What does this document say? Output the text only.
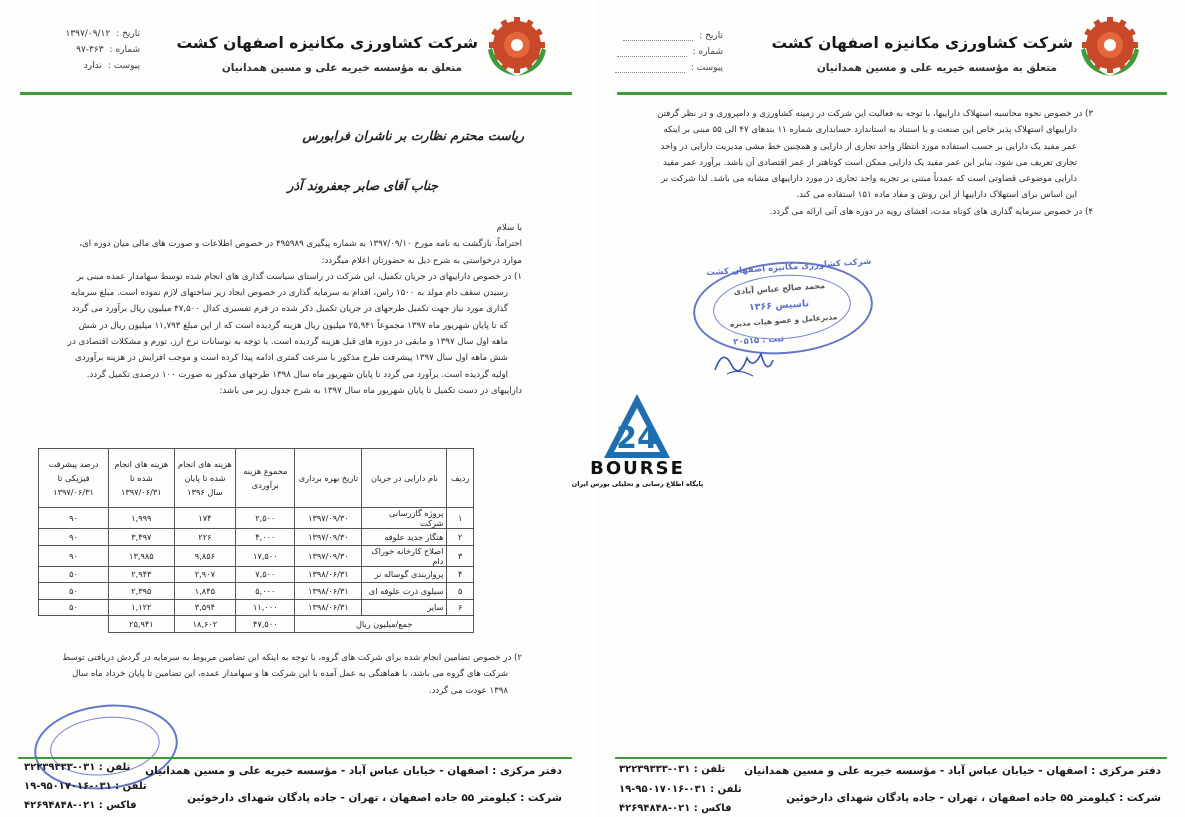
شرکت کشاورزی مکانیزه اصفهان کشت
متعلق به مؤسسه خیریه علی و مسین همدانیان
تاریخ :
۱۳۹۷/۰۹/۱۲
شماره :
۹۷-۳۶۳
پیوست :
ندارد
ریاست محترم نظارت بر ناشران فرابورس
جناب آقای صابر جعفروند آذر

با سلام

احتراماً، بازگشت به نامه مورخ ۱۳۹۷/۰۹/۱۰ به شماره پیگیری ۴۹۵۹۸۹ در خصوص اطلاعات و صورت های مالی میان دوره ای، موارد درخواستی به شرح ذیل به حضورتان اعلام میگردد:

۱) در خصوص داراییهای در جریان تکمیل، این شرکت در راستای سیاست گذاری های انجام شده توسط سهامدار عمده مبنی بر رسیدن سقف دام مولد به ۱۵۰۰ راس، اقدام به سرمایه گذاری در خصوص ایجاد زیر ساختهای لازم نموده است. مبلغ سرمایه گذاری مورد نیاز جهت تکمیل طرحهای در جریان تکمیل ذکر شده در فرم تفسیری کدال ۴۷,۵۰۰ میلیون ریال برآورد می گردد که تا پایان شهریور ماه ۱۳۹۷ مجموعاً ۲۵,۹۴۱ میلیون ریال هزینه گردیده است که از این مبلغ ۱۱,۷۹۳ میلیون ریال در شش ماهه اول سال ۱۳۹۷ و مابقی در دوره های قبل هزینه گردیده است. با توجه به نوسانات نرخ ارز، تورم و مشکلات اقتصادی در شش ماهه اول سال ۱۳۹۷ پیشرفت طرح مذکور با سرعت کمتری ادامه پیدا کرده است و موجب افزایش در هزینه برآوردی اولیه گردیده است. برآورد می گردد تا پایان شهریور ماه سال ۱۳۹۸ طرحهای مذکور به صورت ۱۰۰ درصدی تکمیل گردد.

داراییهای در دست تکمیل تا پایان شهریور ماه سال ۱۳۹۷ به شرح جدول زیر می باشد:

ردیف	نام دارایی در جریان	تاریخ بهره برداری	مجموع هزینه برآوردی	هزینه های انجام شده تا پایان سال ۱۳۹۶	هزینه های انجام شده تا ۱۳۹۷/۰۶/۳۱	درصد پیشرفت فیزیکی تا ۱۳۹۷/۰۶/۳۱
۱	پروژه گازرسانی شرکت	۱۳۹۷/۰۹/۳۰	۲,۵۰۰	۱۷۴	۱,۹۹۹	۹۰
۲	هنگار جدید علوفه	۱۳۹۷/۰۹/۳۰	۴,۰۰۰	۲۲۶	۳,۴۹۷	۹۰
۳	اصلاح کارخانه خوراک دام	۱۳۹۷/۰۹/۳۰	۱۷,۵۰۰	۹,۸۵۶	۱۳,۹۸۵	۹۰
۴	پرواربندی گوساله نر	۱۳۹۸/۰۶/۳۱	۷,۵۰۰	۲,۹۰۷	۲,۹۴۳	۵۰
۵	سیلوی ذرت علوفه ای	۱۳۹۸/۰۶/۳۱	۵,۰۰۰	۱,۸۴۵	۲,۳۹۵	۵۰
۶	سایر	۱۳۹۸/۰۶/۳۱	۱۱,۰۰۰	۳,۵۹۴	۱,۱۲۲	۵۰
جمع/میلیون ریال			۴۷,۵۰۰	۱۸,۶۰۲	۲۵,۹۴۱	

۲) در خصوص تضامین انجام شده برای شرکت های گروه، با توجه به اینکه این تضامین مربوط به سرمایه در گردش دریافتی توسط شرکت های گروه می باشد، با هماهنگی به عمل آمده با این شرکت ها و سهامدار عمده، این تضامین تا پایان خرداد ماه سال ۱۳۹۸ عودت می گردد.

دفتر مرکزی : اصفهان - خیابان عباس آباد - مؤسسه خیریه علی و مسین همدانیان
شرکت : کیلومتر ۵۵ جاده اصفهان ، تهران - جاده پادگان شهدای دارخوئین
تلفن : ۰۳۱-۳۲۲۳۹۳۳۳
تلفن : ۰۳۱-۹۵۰۱۷۰۱۶-۱۹
فاکس : ۰۲۱-۴۲۶۹۴۸۴۸
شرکت کشاورزی مکانیزه اصفهان کشت
متعلق به مؤسسه خیریه علی و مسین همدانیان
تاریخ :
شماره :
پیوست :

۳) در خصوص نحوه محاسبه استهلاک داراییها، با توجه به فعالیت این شرکت در زمینه کشاورزی و دامپروری و در نظر گرفتن داراییهای استهلاک پذیر خاص این صنعت و با استناد به استاندارد حسابداری شماره ۱۱ بندهای ۴۷ الی ۵۵ مبنی بر اینکه عمر مفید یک دارایی بر حسب استفاده مورد انتظار واحد تجاری از دارایی و همچنین خط مشی مدیریت دارایی در واحد تجاری تعریف می شود، بنابر این عمر مفید یک دارایی ممکن است کوتاهتر از عمر اقتصادی آن باشد. برآورد عمر مفید دارایی موضوعی قضاوتی است که عمدتاً مبتنی بر تجربه واحد تجاری در مورد داراییهای مشابه می باشد. لذا شرکت بر این اساس برای استهلاک داراییها از این روش و مفاد ماده ۱۵۱ استفاده می کند.

۴) در خصوص سرمایه گذاری های کوتاه مدت، افشای رویه در دوره های آتی ارائه می گردد.

شرکت کشاورزی مکانیزه اصفهان کشت
محمد صالح عباس آبادی
تاسیس ۱۳۶۶
مدیرعامل و عضو هیات مدیره
ثبت : ۲۰۵۱۵
دفتر مرکزی : اصفهان - خیابان عباس آباد - مؤسسه خیریه علی و مسین همدانیان
شرکت : کیلومتر ۵۵ جاده اصفهان ، تهران - جاده پادگان شهدای دارخوئین
تلفن : ۰۳۱-۳۲۲۳۹۳۳۳
تلفن : ۰۳۱-۹۵۰۱۷۰۱۶-۱۹
فاکس : ۰۲۱-۴۲۶۹۴۸۴۸
24
BOURSE
پایگاه اطلاع رسانی و تحلیلی بورس ایران
